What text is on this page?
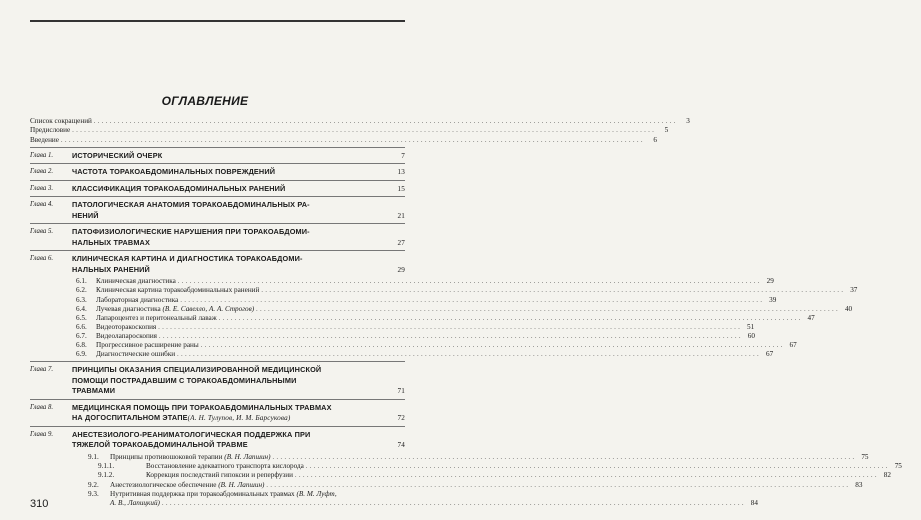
ОГЛАВЛЕНИЕ
Список сокращений . . .	3
Предисловие . . .	5
Введение . . .	6
Глава 1.	ИСТОРИЧЕСКИЙ ОЧЕРК	7
Глава 2.	ЧАСТОТА ТОРАКОАБДОМИНАЛЬНЫХ ПОВРЕЖДЕНИЙ	13
Глава 3.	КЛАССИФИКАЦИЯ ТОРАКОАБДОМИНАЛЬНЫХ РАНЕНИЙ	15
Глава 4.	ПАТОЛОГИЧЕСКАЯ АНАТОМИЯ ТОРАКОАБДОМИНАЛЬНЫХ РА-
НЕНИЙ	21
Глава 5.	ПАТОФИЗИОЛОГИЧЕСКИЕ НАРУШЕНИЯ ПРИ ТОРАКОАБДОМИ-
НАЛЬНЫХ ТРАВМАХ	27
Глава 6.	КЛИНИЧЕСКАЯ КАРТИНА И ДИАГНОСТИКА ТОРАКОАБДОМИ-
НАЛЬНЫХ РАНЕНИЙ	29
6.1.	Клиническая диагностика . . .	29
6.2.	Клиническая картина торакоабдоминальных ранений . . .	37
6.3.	Лабораторная диагностика . . .	39
6.4.	Лучевая диагностика (В. Е. Савелло, А. А. Строгов) . . .	40
6.5.	Лапароцентез и перитонеальный лаваж . . .	47
6.6.	Видеоторакоскопия . . .	51
6.7.	Видеолапароскопия . . .	60
6.8.	Прогрессивное расширение раны . . .	67
6.9.	Диагностические ошибки . . .	67
Глава 7.	ПРИНЦИПЫ ОКАЗАНИЯ СПЕЦИАЛИЗИРОВАННОЙ МЕДИЦИНСКОЙ
ПОМОЩИ ПОСТРАДАВШИМ С ТОРАКОАБДОМИНАЛЬНЫМИ
ТРАВМАМИ	71
Глава 8.	МЕДИЦИНСКАЯ ПОМОЩЬ ПРИ ТОРАКОАБДОМИНАЛЬНЫХ ТРАВМАХ
НА ДОГОСПИТАЛЬНОМ ЭТАПЕ (А. Н. Тулупов, И. М. Барсукова)	72
Глава 9.	АНЕСТЕЗИОЛОГО-РЕАНИМАТОЛОГИЧЕСКАЯ ПОДДЕРЖКА ПРИ
ТЯЖЕЛОЙ ТОРАКОАБДОМИНАЛЬНОЙ ТРАВМЕ	74
9.1.	Принципы противошоковой терапии (В. Н. Лапшин) . . .	75
9.1.1.	Восстановление адекватного транспорта кислорода . . .	75
9.1.2.	Коррекция последствий гипоксии и реперфузии . . .	82
9.2.	Анестезиологическое обеспечение (В. Н. Лапшин) . . .	83
9.3.	Нутритивная поддержка при торакоабдоминальных травмах (В. М. Луфт,
А. В., Лапицкий) . . .	84
310
